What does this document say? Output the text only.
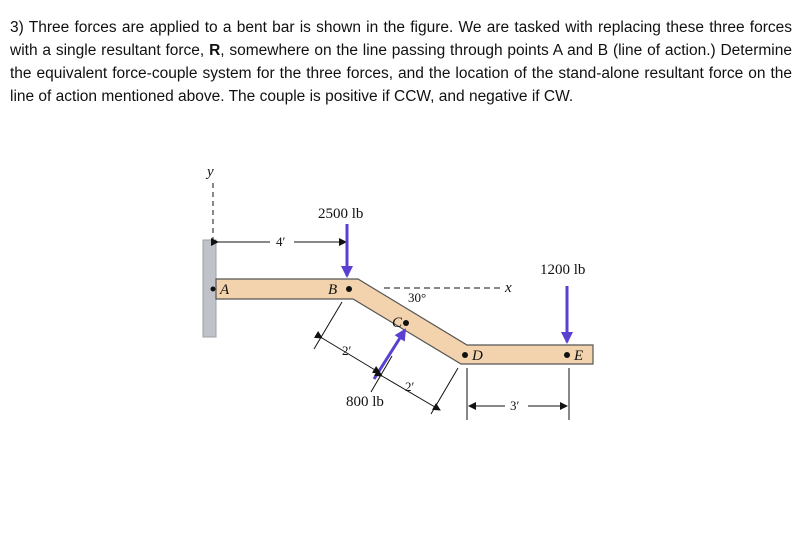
3) Three forces are applied to a bent bar is shown in the figure. We are tasked with replacing these three forces with a single resultant force, R, somewhere on the line passing through points A and B (line of action.) Determine the equivalent force-couple system for the three forces, and the location of the stand-alone resultant force on the line of action mentioned above. The couple is positive if CCW, and negative if CW.
y
4′
2500 lb
x
30°
A	B
C
D	E
1200 lb
800 lb
2′
2′
3′
